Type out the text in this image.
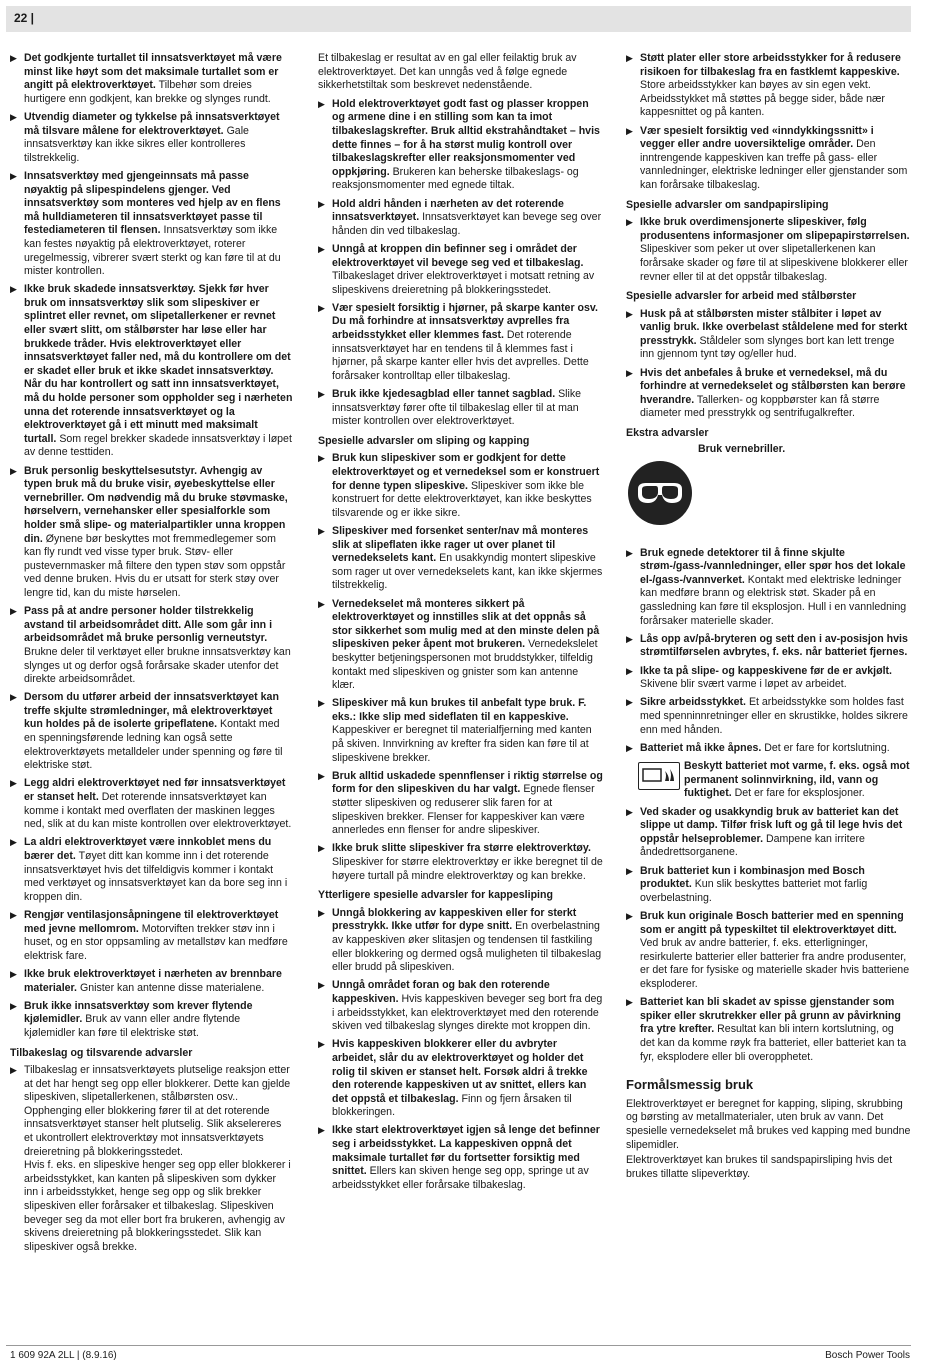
22 |
▶ Det godkjente turtallet til innsatsverktøyet må være minst like høyt som det maksimale turtallet som er angitt på elektroverktøyet. Tilbehør som dreies hurtigere enn godkjent, kan brekke og slynges rundt.
▶ Utvendig diameter og tykkelse på innsatsverktøyet må tilsvare målene for elektroverktøyet. Gale innsatsverktøy kan ikke sikres eller kontrolleres tilstrekkelig.
▶ Innsatsverktøy med gjengeinnsats må passe nøyaktig på slipespindelens gjenger. Ved innsatsverktøy som monteres ved hjelp av en flens må hulldiameteren til innsatsverktøyet passe til festediameteren til flensen. Innsatsverktøy som ikke kan festes nøyaktig på elektroverktøyet, roterer uregelmessig, vibrerer svært sterkt og kan føre til at du mister kontrollen.
▶ Ikke bruk skadede innsatsverktøy. Sjekk før hver bruk om innsatsverktøy slik som slipeskiver er splintret eller revnet, om slipetallerkener er revnet eller svært slitt, om stålbørster har løse eller har brukkede tråder. Hvis elektroverktøyet eller innsatsverktøyet faller ned, må du kontrollere om det er skadet eller bruk et ikke skadet innsatsverktøy. Når du har kontrollert og satt inn innsatsverktøyet, må du holde personer som oppholder seg i nærheten unna det roterende innsatsverktøyet og la elektroverktøyet gå i ett minutt med maksimalt turtall. Som regel brekker skadede innsatsverktøy i løpet av denne testtiden.
▶ Bruk personlig beskyttelsesutstyr. Avhengig av typen bruk må du bruke visir, øyebeskyttelse eller vernebriller. Om nødvendig må du bruke støvmaske, hørselvern, vernehansker eller spesialforkle som holder små slipe- og materialpartikler unna kroppen din. Øynene bør beskyttes mot fremmedlegemer som kan fly rundt ved visse typer bruk. Støv- eller pustevernmasker må filtere den typen støv som oppstår ved denne bruken. Hvis du er utsatt for sterk støy over lengre tid, kan du miste hørselen.
▶ Pass på at andre personer holder tilstrekkelig avstand til arbeidsområdet ditt. Alle som går inn i arbeidsområdet må bruke personlig verneutstyr. Brukne deler til verktøyet eller brukne innsatsverktøy kan slynges ut og derfor også forårsake skader utenfor det direkte arbeidsområdet.
▶ Dersom du utfører arbeid der innsatsverktøyet kan treffe skjulte strømledninger, må elektroverktøyet kun holdes på de isolerte gripeflatene. Kontakt med en spenningsførende ledning kan også sette elektroverktøyets metalldeler under spenning og føre til elektriske støt.
▶ Legg aldri elektroverktøyet ned før innsatsverktøyet er stanset helt. Det roterende innsatsverktøyet kan komme i kontakt med overflaten der maskinen legges ned, slik at du kan miste kontrollen over elektroverktøyet.
▶ La aldri elektroverktøyet være innkoblet mens du bærer det. Tøyet ditt kan komme inn i det roterende innsatsverktøyet hvis det tilfeldigvis kommer i kontakt med verktøyet og innsatsverktøyet kan da bore seg inn i kroppen din.
▶ Rengjør ventilasjonsåpningene til elektroverktøyet med jevne mellomrom. Motorviften trekker støv inn i huset, og en stor oppsamling av metallstøv kan medføre elektrisk fare.
▶ Ikke bruk elektroverktøyet i nærheten av brennbare materialer. Gnister kan antenne disse materialene.
▶ Bruk ikke innsatsverktøy som krever flytende kjølemidler. Bruk av vann eller andre flytende kjølemidler kan føre til elektriske støt.
Tilbakeslag og tilsvarende advarsler
▶ Tilbakeslag er innsatsverktøyets plutselige reaksjon etter at det har hengt seg opp eller blokkerer. Dette kan gjelde slipeskiven, slipetallerkenen, stålbørsten osv.. Opphenging eller blokkering fører til at det roterende innsatsverktøyet stanser helt plutselig. Slik akselereres et ukontrollert elektroverktøy mot innsatsverktøyets dreieretning på blokkeringsstedet.
Hvis f. eks. en slipeskive henger seg opp eller blokkerer i arbeidsstykket, kan kanten på slipeskiven som dykker inn i arbeidsstykket, henge seg opp og slik brekker slipeskiven eller forårsaker et tilbakeslag. Slipeskiven beveger seg da mot eller bort fra brukeren, avhengig av skivens dreieretning på blokkeringsstedet. Slik kan slipeskiver også brekke.
Et tilbakeslag er resultat av en gal eller feilaktig bruk av elektroverktøyet. Det kan unngås ved å følge egnede sikkerhetstiltak som beskrevet nedenstående.
▶ Hold elektroverktøyet godt fast og plasser kroppen og armene dine i en stilling som kan ta imot tilbakeslagskrefter. Bruk alltid ekstrahåndtaket – hvis dette finnes – for å ha størst mulig kontroll over tilbakeslagskrefter eller reaksjonsmomenter ved oppkjøring. Brukeren kan beherske tilbakeslags- og reaksjonsmomenter med egnede tiltak.
▶ Hold aldri hånden i nærheten av det roterende innsatsverktøyet. Innsatsverktøyet kan bevege seg over hånden din ved tilbakeslag.
▶ Unngå at kroppen din befinner seg i området der elektroverktøyet vil bevege seg ved et tilbakeslag. Tilbakeslaget driver elektroverktøyet i motsatt retning av slipeskivens dreieretning på blokkeringsstedet.
▶ Vær spesielt forsiktig i hjørner, på skarpe kanter osv. Du må forhindre at innsatsverktøy avprelles fra arbeidsstykket eller klemmes fast. Det roterende innsatsverktøyet har en tendens til å klemmes fast i hjørner, på skarpe kanter eller hvis det avprelles. Dette forårsaker kontrolltap eller tilbakeslag.
▶ Bruk ikke kjedesagblad eller tannet sagblad. Slike innsatsverktøy fører ofte til tilbakeslag eller til at man mister kontrollen over elektroverktøyet.
Spesielle advarsler om sliping og kapping
▶ Bruk kun slipeskiver som er godkjent for dette elektroverktøyet og et vernedeksel som er konstruert for denne typen slipeskive. Slipeskiver som ikke ble konstruert for dette elektroverktøyet, kan ikke beskyttes tilsvarende og er ikke sikre.
▶ Slipeskiver med forsenket senter/nav må monteres slik at slipeflaten ikke rager ut over planet til vernedekselets kant. En usakkyndig montert slipeskive som rager ut over vernedekselets kant, kan ikke skjermes tilstrekkelig.
▶ Vernedekselet må monteres sikkert på elektroverktøyet og innstilles slik at det oppnås så stor sikkerhet som mulig med at den minste delen på slipeskiven peker åpent mot brukeren. Vernedekslelet beskytter betjeningspersonen mot bruddstykker, tilfeldig kontakt med slipeskiven og gnister som kan antenne klær.
▶ Slipeskiver må kun brukes til anbefalt type bruk. F. eks.: Ikke slip med sideflaten til en kappeskive. Kappeskiver er beregnet til materialfjerning med kanten på skiven. Innvirkning av krefter fra siden kan føre til at slipeskivene brekker.
▶ Bruk alltid uskadede spennflenser i riktig størrelse og form for den slipeskiven du har valgt. Egnede flenser støtter slipeskiven og reduserer slik faren for at slipeskiven brekker. Flenser for kappeskiver kan være annerledes enn flenser for andre slipeskiver.
▶ Ikke bruk slitte slipeskiver fra større elektroverktøy. Slipeskiver for større elektroverktøy er ikke beregnet til de høyere turtall på mindre elektroverktøy og kan brekke.
Ytterligere spesielle advarsler for kappesliping
▶ Unngå blokkering av kappeskiven eller for sterkt presstrykk. Ikke utfør for dype snitt. En overbelastning av kappeskiven øker slitasjen og tendensen til fastkiling eller blokkering og dermed også muligheten til tilbakeslag eller brudd på slipeskiven.
▶ Unngå området foran og bak den roterende kappeskiven. Hvis kappeskiven beveger seg bort fra deg i arbeidsstykket, kan elektroverktøyet med den roterende skiven ved tilbakeslag slynges direkte mot kroppen din.
▶ Hvis kappeskiven blokkerer eller du avbryter arbeidet, slår du av elektroverktøyet og holder det rolig til skiven er stanset helt. Forsøk aldri å trekke den roterende kappeskiven ut av snittet, ellers kan det oppstå et tilbakeslag. Finn og fjern årsaken til blokkeringen.
▶ Ikke start elektroverktøyet igjen så lenge det befinner seg i arbeidsstykket. La kappeskiven oppnå det maksimale turtallet før du fortsetter forsiktig med snittet. Ellers kan skiven henge seg opp, springe ut av arbeidsstykket eller forårsake tilbakeslag.
▶ Støtt plater eller store arbeidsstykker for å redusere risikoen for tilbakeslag fra en fastklemt kappeskive. Store arbeidsstykker kan bøyes av sin egen vekt. Arbeidsstykket må støttes på begge sider, både nær kappesnittet og på kanten.
▶ Vær spesielt forsiktig ved «inndykkingssnitt» i vegger eller andre uoversiktelige områder. Den inntrengende kappeskiven kan treffe på gass- eller vannledninger, elektriske ledninger eller gjenstander som kan forårsake tilbakeslag.
Spesielle advarsler om sandpapirsliping
▶ Ikke bruk overdimensjonerte slipeskiver, følg produsentens informasjoner om slipepapirstørrelsen. Slipeskiver som peker ut over slipetallerkenen kan forårsake skader og føre til at slipeskivene blokkerer eller revner eller til at det oppstår tilbakeslag.
Spesielle advarsler for arbeid med stålbørster
▶ Husk på at stålbørsten mister stålbiter i løpet av vanlig bruk. Ikke overbelast ståldelene med for sterkt presstrykk. Ståldeler som slynges bort kan lett trenge inn gjennom tynt tøy og/eller hud.
▶ Hvis det anbefales å bruke et vernedeksel, må du forhindre at vernedekselet og stålbørsten kan berøre hverandre. Tallerken- og koppbørster kan få større diameter med presstrykk og sentrifugalkrefter.
Ekstra advarsler
Bruk vernebriller.
▶ Bruk egnede detektorer til å finne skjulte strøm-/gass-/vannledninger, eller spør hos det lokale el-/gass-/vannverket. Kontakt med elektriske ledninger kan medføre brann og elektrisk støt. Skader på en gassledning kan føre til eksplosjon. Hull i en vannledning forårsaker materielle skader.
▶ Lås opp av/på-bryteren og sett den i av-posisjon hvis strømtilførselen avbrytes, f. eks. når batteriet fjernes.
▶ Ikke ta på slipe- og kappeskivene før de er avkjølt. Skivene blir svært varme i løpet av arbeidet.
▶ Sikre arbeidsstykket. Et arbeidsstykke som holdes fast med spenninnretninger eller en skrustikke, holdes sikrere enn med hånden.
▶ Batteriet må ikke åpnes. Det er fare for kortslutning.
Beskytt batteriet mot varme, f. eks. også mot permanent solinnvirkning, ild, vann og fuktighet. Det er fare for eksplosjoner.
▶ Ved skader og usakkyndig bruk av batteriet kan det slippe ut damp. Tilfør frisk luft og gå til lege hvis det oppstår helseproblemer. Dampene kan irritere åndedrettsorganene.
▶ Bruk batteriet kun i kombinasjon med Bosch produktet. Kun slik beskyttes batteriet mot farlig overbelastning.
▶ Bruk kun originale Bosch batterier med en spenning som er angitt på typeskiltet til elektroverktøyet ditt. Ved bruk av andre batterier, f. eks. etterligninger, resirkulerte batterier eller batterier fra andre produsenter, er det fare for fysiske og materielle skader hvis batteriene eksploderer.
▶ Batteriet kan bli skadet av spisse gjenstander som spiker eller skrutrekker eller på grunn av påvirkning fra ytre krefter. Resultat kan bli intern kortslutning, og det kan da komme røyk fra batteriet, eller batteriet kan ta fyr, eksplodere eller bli overopphetet.
Formålsmessig bruk
Elektroverktøyet er beregnet for kapping, sliping, skrubbing og børsting av metallmaterialer, uten bruk av vann. Det spesielle vernedekselet må brukes ved kapping med bundne slipemidler.
Elektroverktøyet kan brukes til sandspapirsliping hvis det brukes tillatte slipeverktøy.
1 609 92A 2LL | (8.9.16)	Bosch Power Tools
